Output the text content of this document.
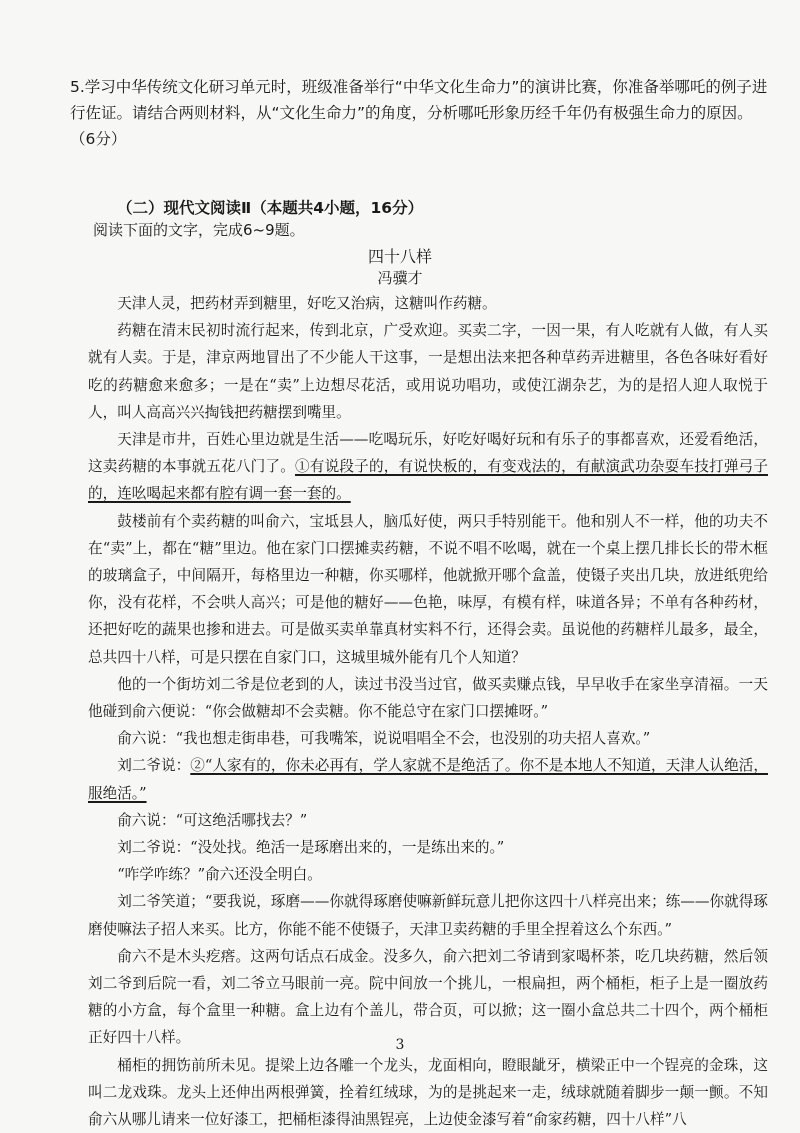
5.学习中华传统文化研习单元时，班级准备举行“中华文化生命力”的演讲比赛，你准备举哪吒的例子进行佐证。请结合两则材料，从“文化生命力”的角度，分析哪吒形象历经千年仍有极强生命力的原因。（6分）
（二）现代文阅读Ⅱ（本题共4小题，16分）
阅读下面的文字，完成6~9题。
四十八样
冯骥才

天津人灵，把药材弄到糖里，好吃又治病，这糖叫作药糖。

药糖在清末民初时流行起来，传到北京，广受欢迎。买卖二字，一因一果，有人吃就有人做，有人买就有人卖。于是，津京两地冒出了不少能人干这事，一是想出法来把各种草药弄进糖里，各色各味好看好吃的药糖愈来愈多；一是在“卖”上边想尽花活，或用说功唱功，或使江湖杂艺，为的是招人迎人取悦于人，叫人高高兴兴掏钱把药糖摆到嘴里。

天津是市井，百姓心里边就是生活——吃喝玩乐，好吃好喝好玩和有乐子的事都喜欢，还爱看绝活，这卖药糖的本事就五花八门了。①有说段子的，有说快板的，有变戏法的，有献演武功杂耍车技打弹弓子的，连吆喝起来都有腔有调一套一套的。

鼓楼前有个卖药糖的叫俞六，宝坻县人，脑瓜好使，两只手特别能干。他和别人不一样，他的功夫不在“卖”上，都在“糖”里边。他在家门口摆摊卖药糖，不说不唱不吆喝，就在一个桌上摆几排长长的带木框的玻璃盒子，中间隔开，每格里边一种糖，你买哪样，他就掀开哪个盒盖，使镊子夹出几块，放进纸兜给你，没有花样，不会哄人高兴；可是他的糖好——色艳，味厚，有模有样，味道各异；不单有各种药材，还把好吃的蔬果也掺和进去。可是做买卖单靠真材实料不行，还得会卖。虽说他的药糖样儿最多，最全，总共四十八样，可是只摆在自家门口，这城里城外能有几个人知道？

他的一个街坊刘二爷是位老到的人，读过书没当过官，做买卖赚点钱，早早收手在家坐享清福。一天他碰到俞六便说：“你会做糖却不会卖糖。你不能总守在家门口摆摊呀。”

俞六说：“我也想走街串巷，可我嘴笨，说说唱唱全不会，也没别的功夫招人喜欢。”

刘二爷说：②“人家有的，你未必再有，学人家就不是绝活了。你不是本地人不知道，天津人认绝活，服绝活。”

俞六说：“可这绝活哪找去？”

刘二爷说：“没处找。绝活一是琢磨出来的，一是练出来的。”

“咋学咋练？”俞六还没全明白。

刘二爷笑道；“要我说，琢磨——你就得琢磨使嘛新鲜玩意儿把你这四十八样亮出来；练——你就得琢磨使嘛法子招人来买。比方，你能不能不使镊子，天津卫卖药糖的手里全捏着这么个东西。”

俞六不是木头疙瘩。这两句话点石成金。没多久，俞六把刘二爷请到家喝杯茶，吃几块药糖，然后领刘二爷到后院一看，刘二爷立马眼前一亮。院中间放一个挑儿，一根扁担，两个桶柜，柜子上是一圈放药糖的小方盒，每个盒里一种糖。盒上边有个盖儿，带合页，可以掀；这一圈小盒总共二十四个，两个桶柜正好四十八样。

桶柜的拥饬前所未见。提梁上边各雕一个龙头，龙面相向，瞪眼龇牙，横梁正中一个锃亮的金珠，这叫二龙戏珠。龙头上还伸出两根弹簧，拴着红绒球，为的是挑起来一走，绒球就随着脚步一颠一颤。不知俞六从哪儿请来一位好漆工，把桶柜漆得油黑锃亮，上边使金漆写着“俞家药糖，四十八样”八

3
